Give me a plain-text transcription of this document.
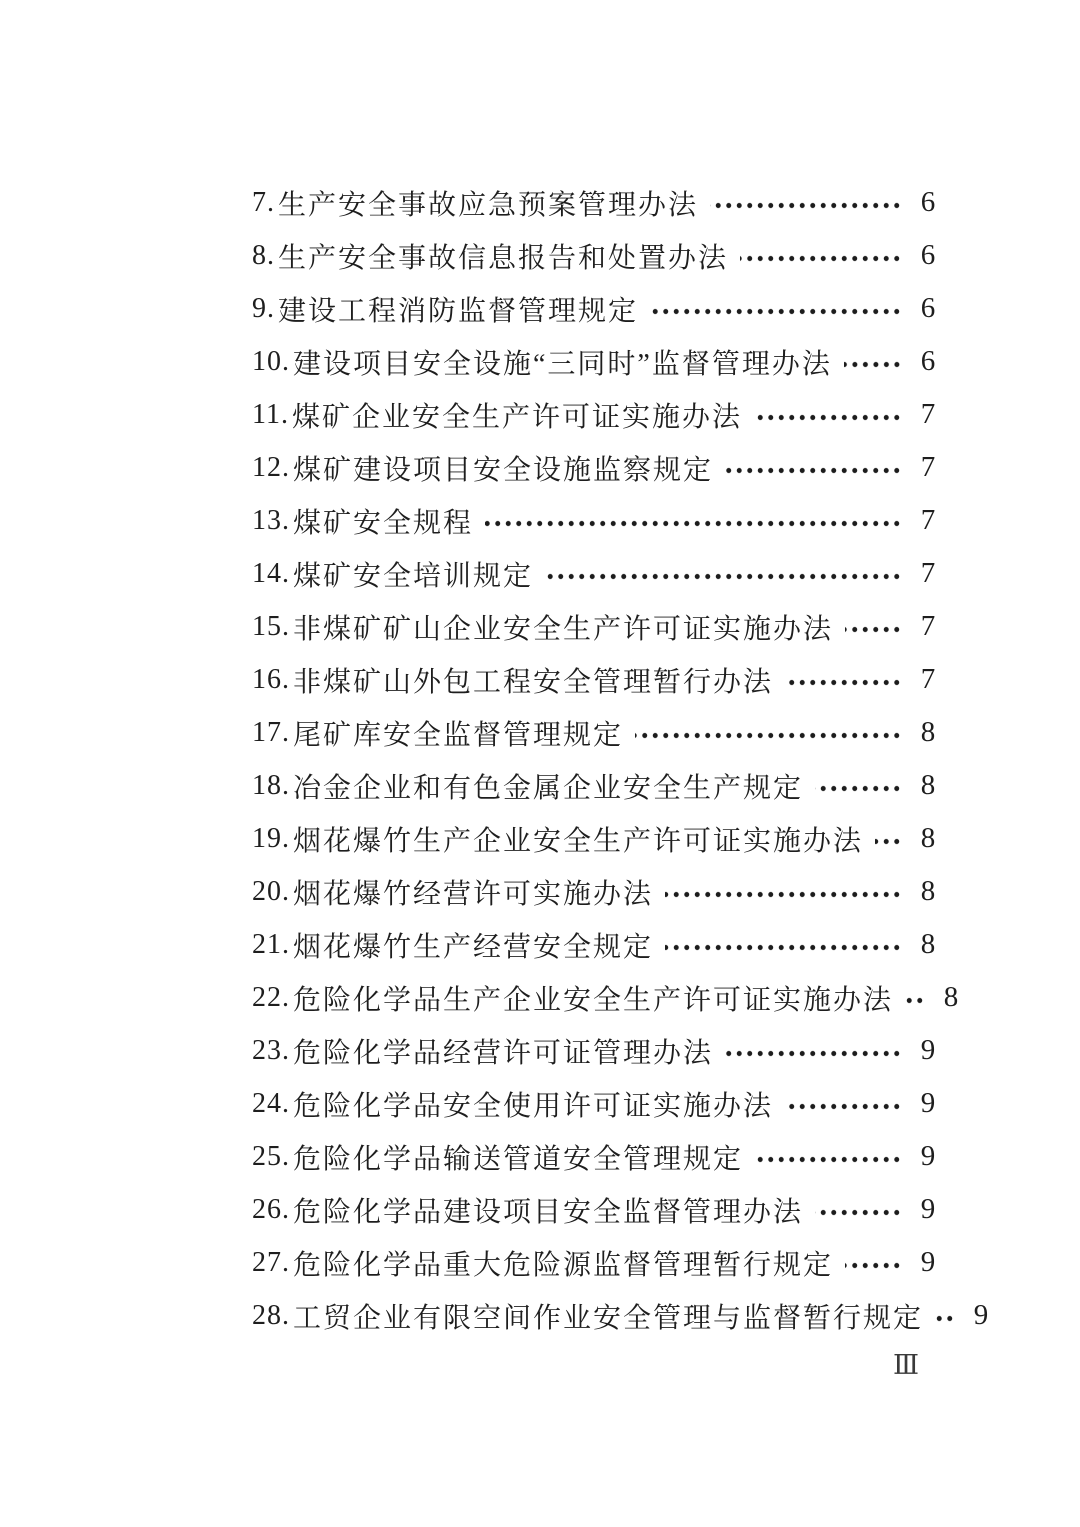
7. 生产安全事故应急预案管理办法	6
8. 生产安全事故信息报告和处置办法	6
9. 建设工程消防监督管理规定	6
10. 建设项目安全设施“三同时”监督管理办法	6
11. 煤矿企业安全生产许可证实施办法	7
12. 煤矿建设项目安全设施监察规定	7
13. 煤矿安全规程	7
14. 煤矿安全培训规定	7
15. 非煤矿矿山企业安全生产许可证实施办法	7
16. 非煤矿山外包工程安全管理暂行办法	7
17. 尾矿库安全监督管理规定	8
18. 冶金企业和有色金属企业安全生产规定	8
19. 烟花爆竹生产企业安全生产许可证实施办法	8
20. 烟花爆竹经营许可实施办法	8
21. 烟花爆竹生产经营安全规定	8
22. 危险化学品生产企业安全生产许可证实施办法	8
23. 危险化学品经营许可证管理办法	9
24. 危险化学品安全使用许可证实施办法	9
25. 危险化学品输送管道安全管理规定	9
26. 危险化学品建设项目安全监督管理办法	9
27. 危险化学品重大危险源监督管理暂行规定	9
28. 工贸企业有限空间作业安全管理与监督暂行规定	9
Ⅲ
